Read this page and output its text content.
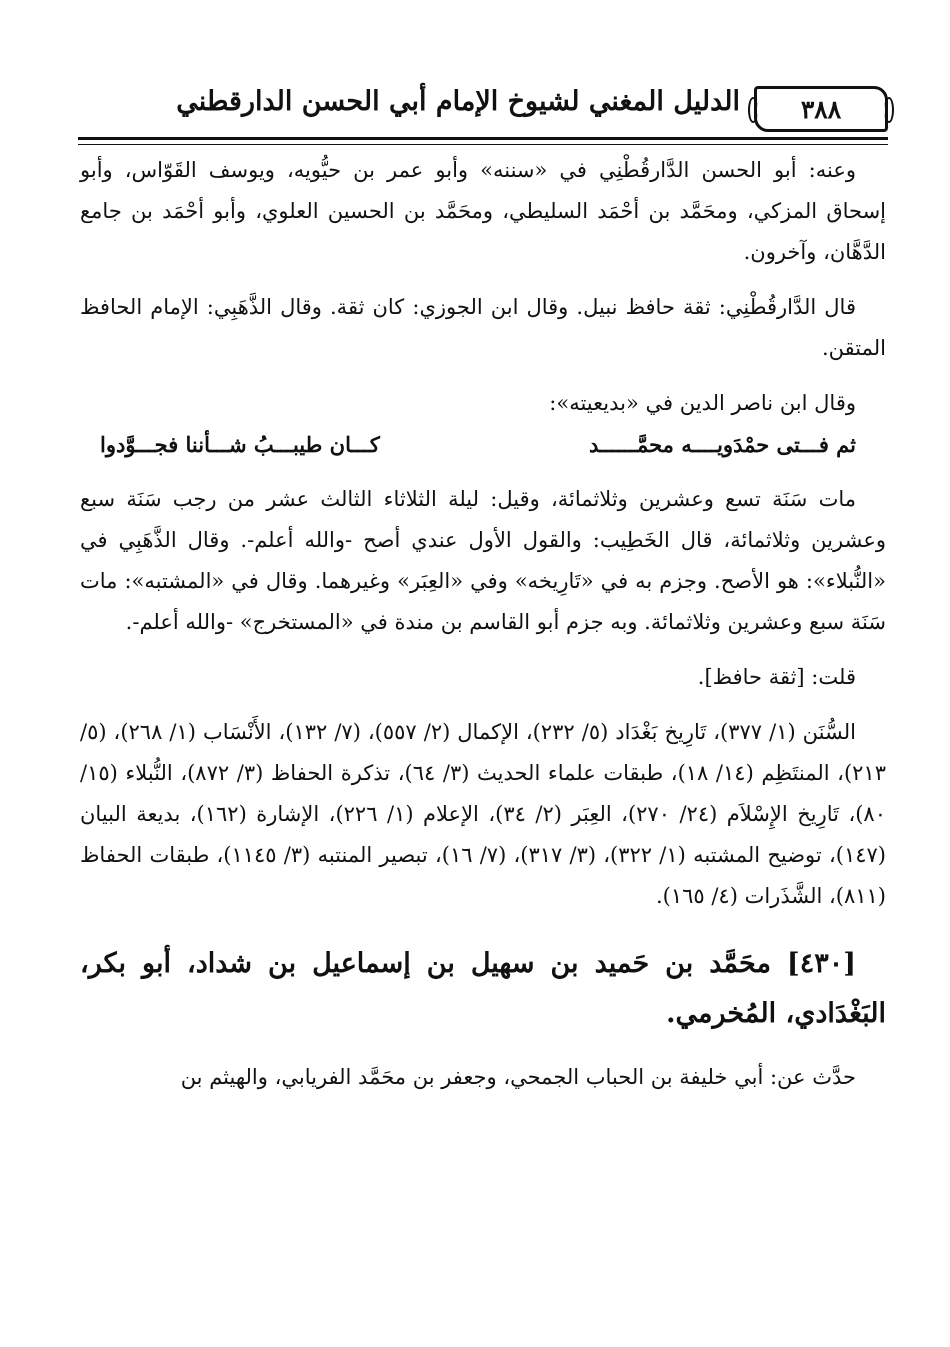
٣٨٨
الدليل المغني لشيوخ الإمام أبي الحسن الدارقطني

وعنه: أبو الحسن الدَّارقُطْنِي في «سننه» وأبو عمر بن حيُّويه، ويوسف القَوّاس، وأبو إسحاق المزكي، ومحَمَّد بن أحْمَد السليطي، ومحَمَّد بن الحسين العلوي، وأبو أحْمَد بن جامع الدَّهَّان، وآخرون.

قال الدَّارقُطْنِي: ثقة حافظ نبيل. وقال ابن الجوزي: كان ثقة. وقال الذَّهَبِي: الإمام الحافظ المتقن.

وقال ابن ناصر الدين في «بديعيته»:
ثم فـــتى حمْدَويــــه محمَّــــــد
كـــان طيبـــبُ شـــأننا فجـــوَّدوا

مات سَنَة تسع وعشرين وثلاثمائة، وقيل: ليلة الثلاثاء الثالث عشر من رجب سَنَة سبع وعشرين وثلاثمائة، قال الخَطِيب: والقول الأول عندي أصح -والله أعلم-. وقال الذَّهَبِي في «النُّبلاء»: هو الأصح. وجزم به في «تَارِيخه» وفي «العِبَر» وغيرهما. وقال في «المشتبه»: مات سَنَة سبع وعشرين وثلاثمائة. وبه جزم أبو القاسم بن مندة في «المستخرج» -والله أعلم-.

قلت: [ثقة حافظ].

السُّنَن (١/ ٣٧٧)، تَارِيخ بَغْدَاد (٥/ ٢٣٢)، الإكمال (٢/ ٥٥٧)، (٧/ ١٣٢)، الأَنْسَاب (١/ ٢٦٨)، (٥/ ٢١٣)، المنتَظِم (١٤/ ١٨)، طبقات علماء الحديث (٣/ ٦٤)، تذكرة الحفاظ (٣/ ٨٧٢)، النُّبلاء (١٥/ ٨٠)، تَارِيخ الإِسْلاَم (٢٤/ ٢٧٠)، العِبَر (٢/ ٣٤)، الإعلام (١/ ٢٢٦)، الإشارة (١٦٢)، بديعة البيان (١٤٧)، توضيح المشتبه (١/ ٣٢٢)، (٣/ ٣١٧)، (٧/ ١٦)، تبصير المنتبه (٣/ ١١٤٥)، طبقات الحفاظ (٨١١)، الشَّذَرات (٤/ ١٦٥).

[٤٣٠] محَمَّد بن حَميد بن سهيل بن إسماعيل بن شداد، أبو بكر، البَغْدَادي، المُخرمي.

حدَّث عن: أبي خليفة بن الحباب الجمحي، وجعفر بن محَمَّد الفريابي، والهيثم بن
